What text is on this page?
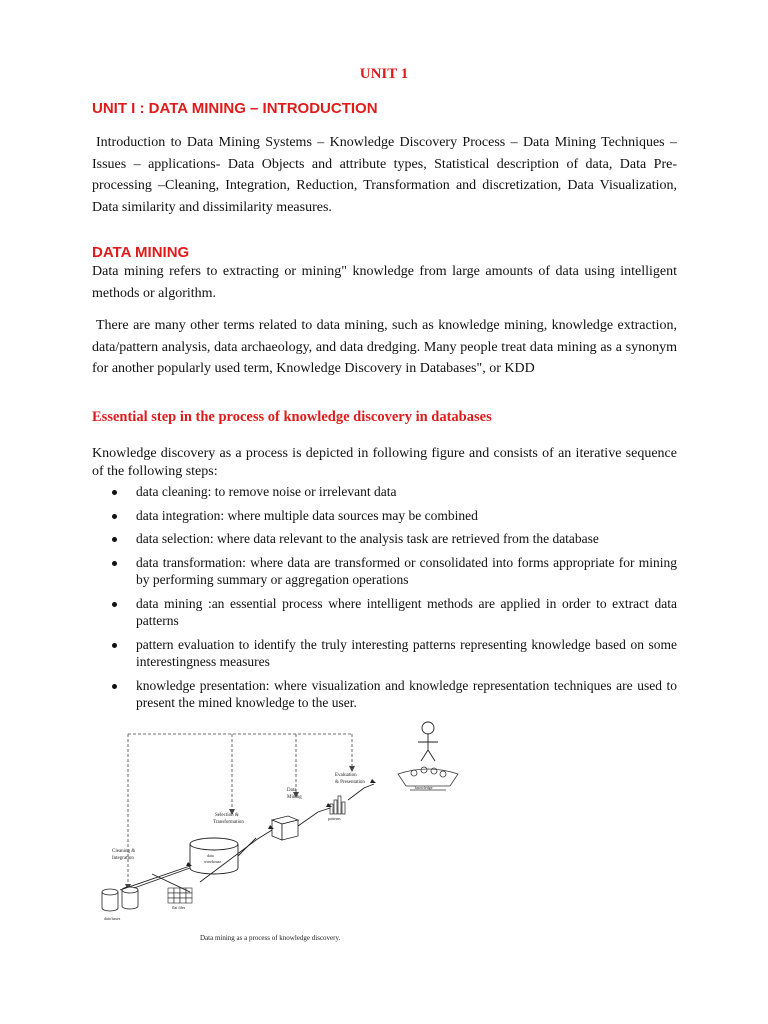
UNIT 1
UNIT I : DATA MINING – INTRODUCTION
Introduction to Data Mining Systems – Knowledge Discovery Process – Data Mining Techniques – Issues – applications- Data Objects and attribute types, Statistical description of data, Data Pre- processing –Cleaning, Integration, Reduction, Transformation and discretization, Data Visualization, Data similarity and dissimilarity measures.
DATA MINING
Data mining refers to extracting or mining" knowledge from large amounts of data using intelligent methods or algorithm.
There are many other terms related to data mining, such as knowledge mining, knowledge extraction, data/pattern analysis, data archaeology, and data dredging. Many people treat data mining as a synonym for another popularly used term, Knowledge Discovery in Databases", or KDD
Essential step in the process of knowledge discovery in databases
Knowledge discovery as a process is depicted in following figure and consists of an iterative sequence of the following steps:
data cleaning: to remove noise or irrelevant data
data integration: where multiple data sources may be combined
data selection: where data relevant to the analysis task are retrieved from the database
data transformation: where data are transformed or consolidated into forms appropriate for mining by performing summary or aggregation operations
data mining :an essential process where intelligent methods are applied in order to extract data patterns
pattern evaluation to identify the truly interesting patterns representing knowledge based on some interestingness measures
knowledge presentation: where visualization and knowledge representation techniques are used to present the mined knowledge to the user.
knowledge
Evaluation
& Presentation
patterns
Data
Mining
Selection &
Transformation
data
warehouse
Cleaning &
Integration
data bases
flat files
Data mining as a process of knowledge discovery.
